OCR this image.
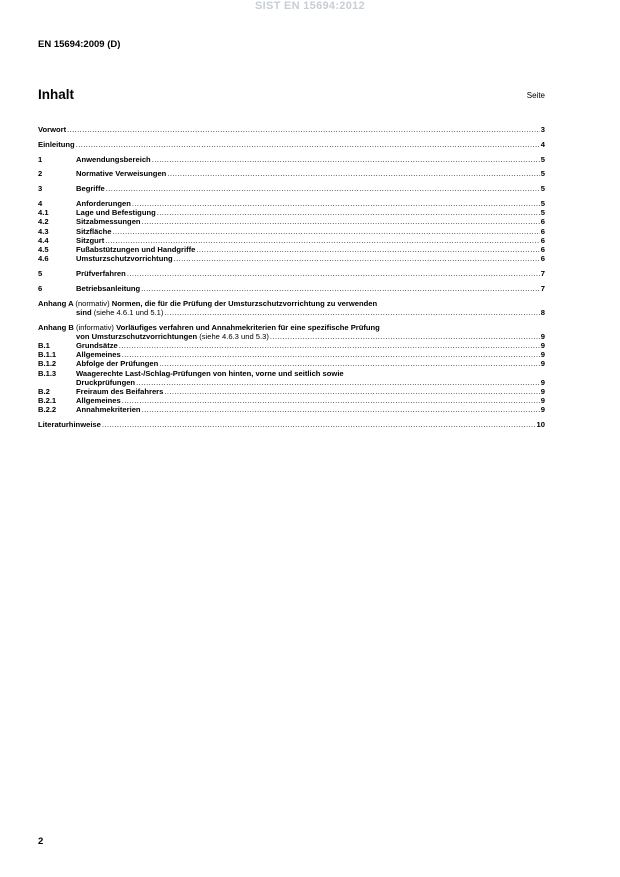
SIST EN 15694:2012
EN 15694:2009 (D)
Inhalt	Seite
Vorwort .....	3
Einleitung .....	4
1	Anwendungsbereich .....	5
2	Normative Verweisungen .....	5
3	Begriffe .....	5
4	Anforderungen .....	5
4.1	Lage und Befestigung .....	5
4.2	Sitzabmessungen .....	6
4.3	Sitzfläche .....	6
4.4	Sitzgurt .....	6
4.5	Fußabstützungen und Handgriffe .....	6
4.6	Umsturzschutzvorrichtung .....	6
5	Prüfverfahren .....	7
6	Betriebsanleitung .....	7
Anhang A (normativ) Normen, die für die Prüfung der Umsturzschutzvorrichtung zu verwenden
sind (siehe 4.6.1 und 5.1) .....	8
Anhang B (informativ) Vorläufiges verfahren und Annahmekriterien für eine spezifische Prüfung
von Umsturzschutzvorrichtungen (siehe 4.6.3 und 5.3) .....	9
B.1	Grundsätze .....	9
B.1.1	Allgemeines .....	9
B.1.2	Abfolge der Prüfungen .....	9
B.1.3	Waagerechte Last-/Schlag-Prüfungen von hinten, vorne und seitlich sowie
Druckprüfungen .....	9
B.2	Freiraum des Beifahrers .....	9
B.2.1	Allgemeines .....	9
B.2.2	Annahmekriterien .....	9
Literaturhinweise .....	10
2
